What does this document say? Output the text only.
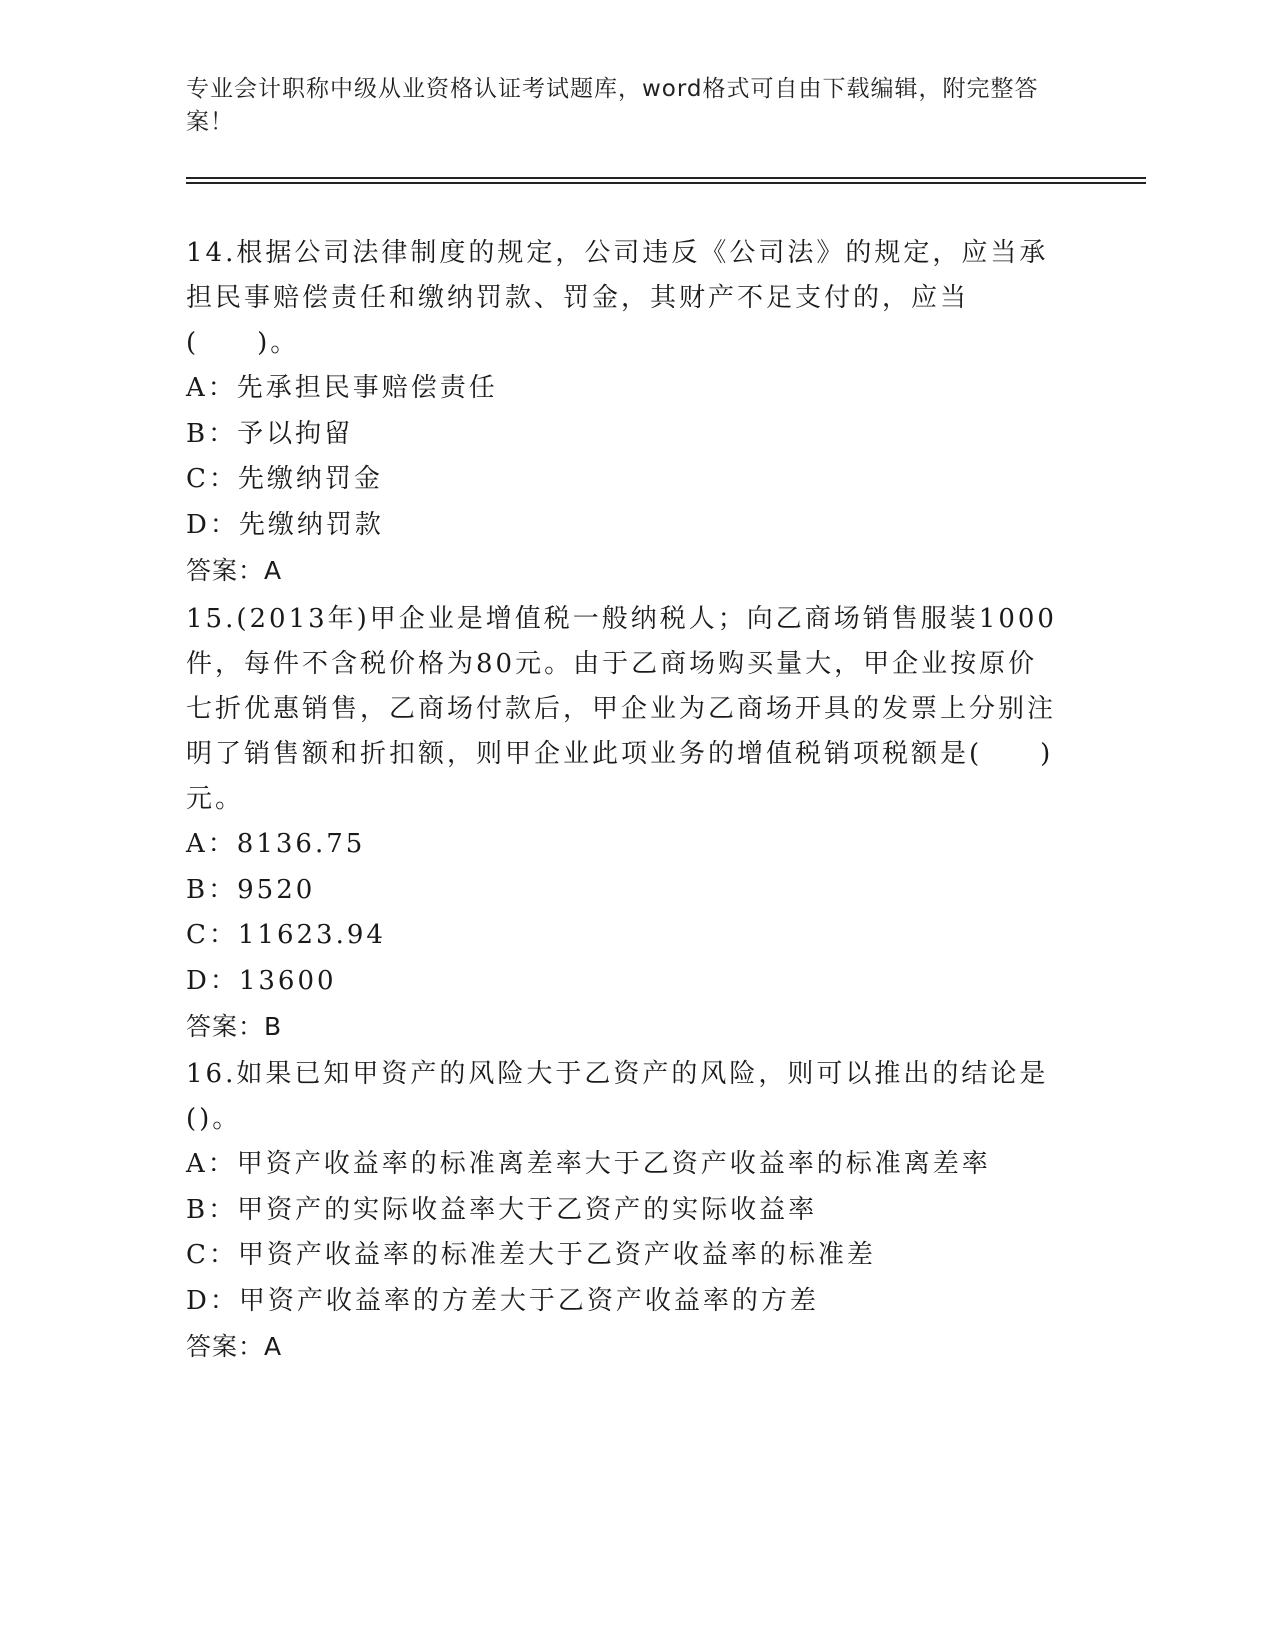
专业会计职称中级从业资格认证考试题库，word格式可自由下载编辑，附完整答案！

14.根据公司法律制度的规定，公司违反《公司法》的规定，应当承担民事赔偿责任和缴纳罚款、罚金，其财产不足支付的，应当(　　)。

A：先承担民事赔偿责任
B：予以拘留
C：先缴纳罚金
D：先缴纳罚款

答案：A

15.(2013年)甲企业是增值税一般纳税人；向乙商场销售服装1000件，每件不含税价格为80元。由于乙商场购买量大，甲企业按原价七折优惠销售，乙商场付款后，甲企业为乙商场开具的发票上分别注明了销售额和折扣额，则甲企业此项业务的增值税销项税额是(　　)元。

A：8136.75
B：9520
C：11623.94
D：13600

答案：B

16.如果已知甲资产的风险大于乙资产的风险，则可以推出的结论是()。

A：甲资产收益率的标准离差率大于乙资产收益率的标准离差率
B：甲资产的实际收益率大于乙资产的实际收益率
C：甲资产收益率的标准差大于乙资产收益率的标准差
D：甲资产收益率的方差大于乙资产收益率的方差

答案：A
